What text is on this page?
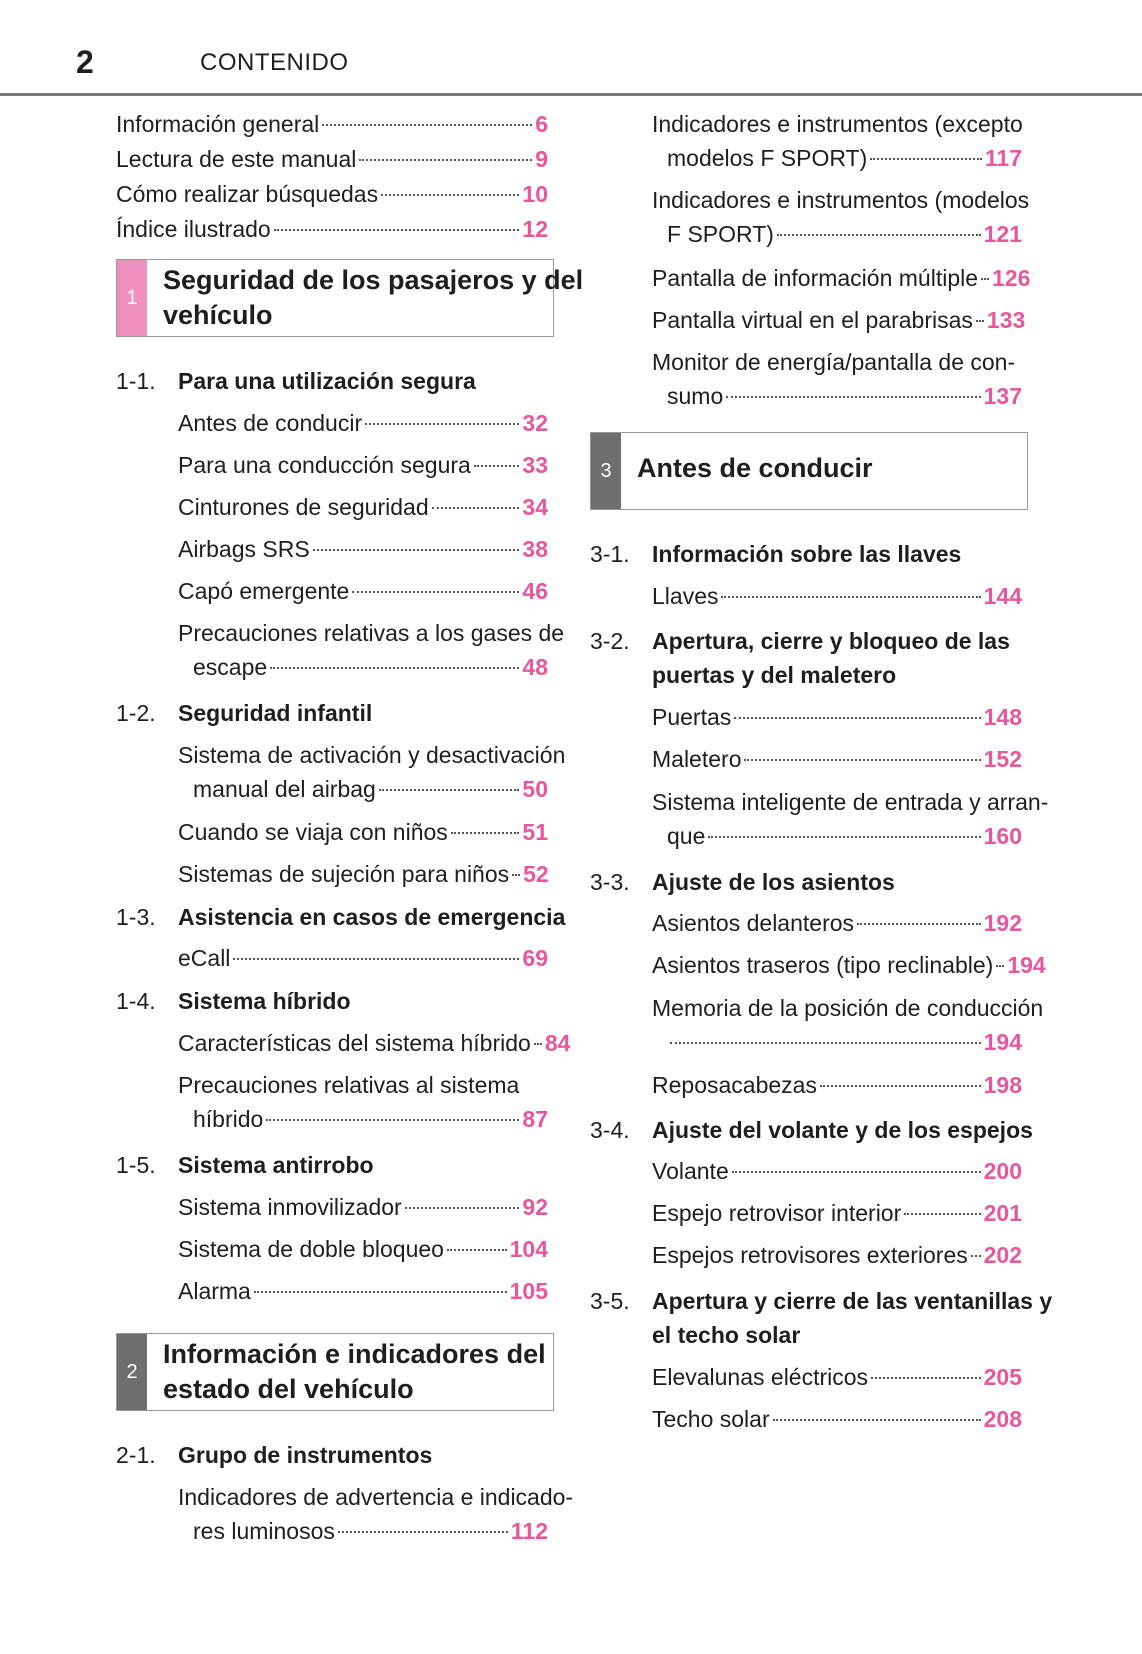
2	CONTENIDO
Información general	6
Lectura de este manual	9
Cómo realizar búsquedas	10
Índice ilustrado	12
1
Seguridad de los pasajeros y del
vehículo
1-1. Para una utilización segura
Antes de conducir	32
Para una conducción segura 33
Cinturones de seguridad	34
Airbags SRS	38
Capó emergente	46
Precauciones relativas a los gases de
escape	48
1-2. Seguridad infantil
Sistema de activación y desactivación
manual del airbag	50
Cuando se viaja con niños	51
Sistemas de sujeción para niños 52
1-3. Asistencia en casos de emergencia
eCall	69
1-4. Sistema híbrido
Características del sistema híbrido 84
Precauciones relativas al sistema
híbrido	87
1-5. Sistema antirrobo
Sistema inmovilizador	92
Sistema de doble bloqueo	104
Alarma	105
2
Información e indicadores del
estado del vehículo
2-1. Grupo de instrumentos
Indicadores de advertencia e indicado-
res luminosos	112
Indicadores e instrumentos (excepto
modelos F SPORT)	117
Indicadores e instrumentos (modelos
F SPORT)	121
Pantalla de información múltiple 126
Pantalla virtual en el parabrisas 133
Monitor de energía/pantalla de con-
sumo	137
3 Antes de conducir
3-1. Información sobre las llaves
Llaves	144
3-2. Apertura, cierre y bloqueo de las
puertas y del maletero
Puertas	148
Maletero	152
Sistema inteligente de entrada y arran-
que	160
3-3. Ajuste de los asientos
Asientos delanteros	192
Asientos traseros (tipo reclinable) 194
Memoria de la posición de conducción
194
Reposacabezas	198
3-4. Ajuste del volante y de los espejos
Volante	200
Espejo retrovisor interior	201
Espejos retrovisores exteriores 202
3-5. Apertura y cierre de las ventanillas y
el techo solar
Elevalunas eléctricos	205
Techo solar	208
